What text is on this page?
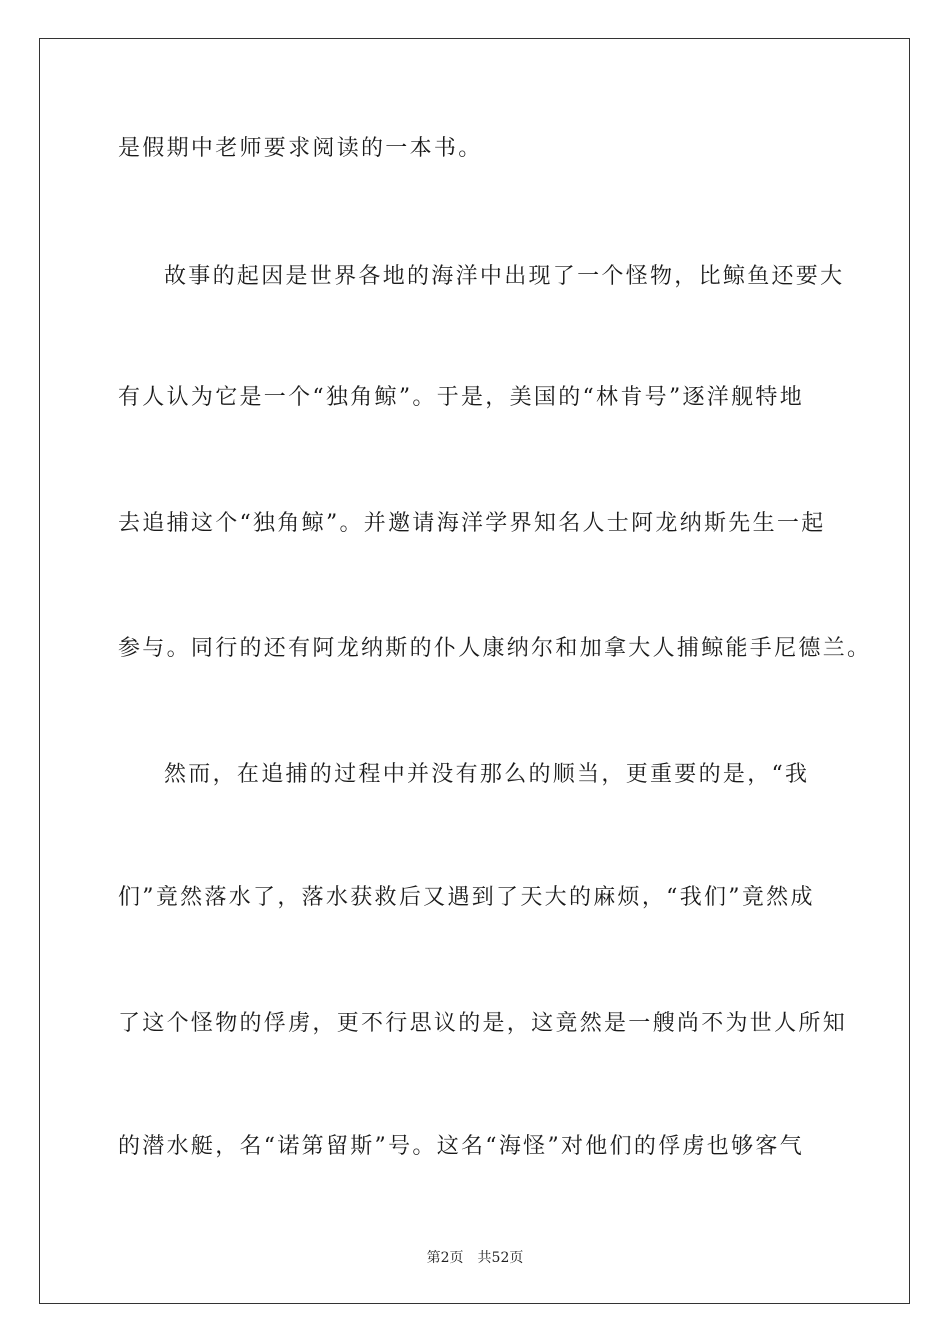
是假期中老师要求阅读的一本书。
故事的起因是世界各地的海洋中出现了一个怪物，比鲸鱼还要大
有人认为它是一个“独角鲸”。于是，美国的“林肯号”逐洋舰特地
去追捕这个“独角鲸”。并邀请海洋学界知名人士阿龙纳斯先生一起
参与。同行的还有阿龙纳斯的仆人康纳尔和加拿大人捕鲸能手尼德兰。
然而，在追捕的过程中并没有那么的顺当，更重要的是，“我
们”竟然落水了，落水获救后又遇到了天大的麻烦，“我们”竟然成
了这个怪物的俘虏，更不行思议的是，这竟然是一艘尚不为世人所知
的潜水艇，名“诺第留斯”号。这名“海怪”对他们的俘虏也够客气
第2页 共52页
